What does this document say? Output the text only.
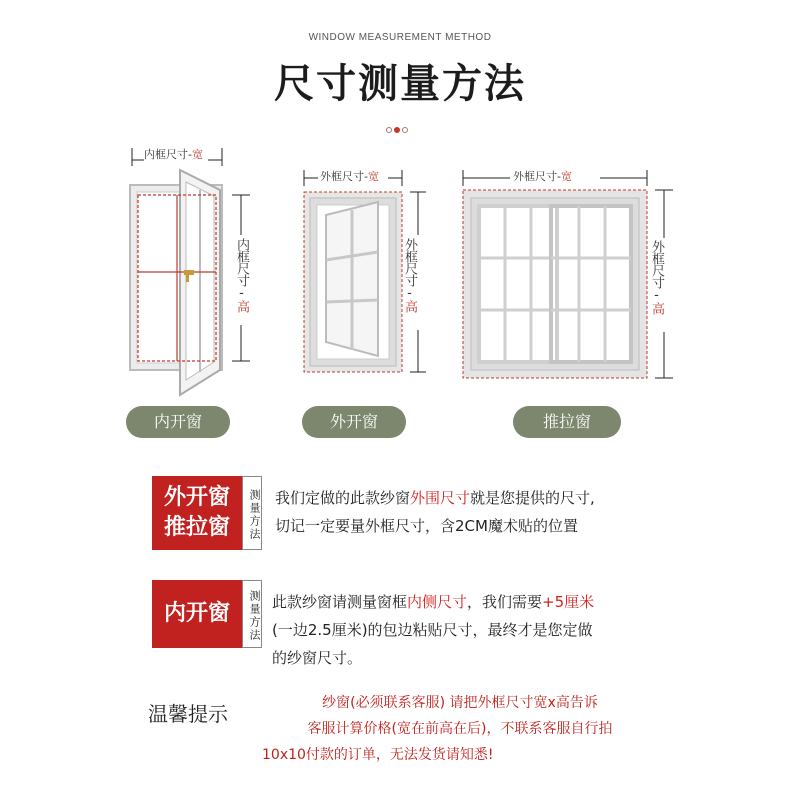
WINDOW MEASUREMENT METHOD
尺寸测量方法
内框尺寸-宽
内框尺寸-高
内开窗
外框尺寸-宽
外框尺寸-高
外开窗
外框尺寸-宽
外框尺寸-高
推拉窗
外开窗
推拉窗	测量方法 我们定做的此款纱窗外围尺寸就是您提供的尺寸,
切记一定要量外框尺寸，含2CM魔术贴的位置
内开窗	测量方法 此款纱窗请测量窗框内侧尺寸，我们需要+5厘米
(一边2.5厘米)的包边粘贴尺寸，最终才是您定做
的纱窗尺寸。
温馨提示	纱窗(必须联系客服) 请把外框尺寸宽x高告诉
客服计算价格(宽在前高在后)，不联系客服自行拍
10x10付款的订单，无法发货请知悉!
